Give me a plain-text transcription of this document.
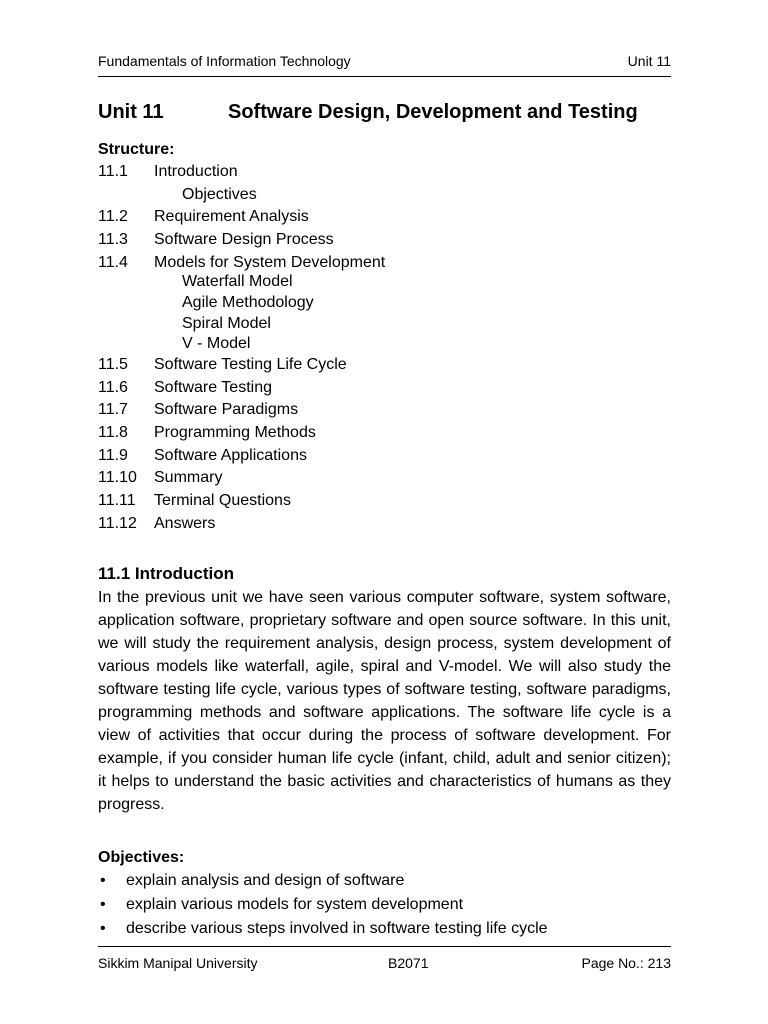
Fundamentals of Information Technology	Unit 11
Unit 11	Software Design, Development and Testing
Structure:
11.1 Introduction
Objectives
11.2 Requirement Analysis
11.3 Software Design Process
11.4 Models for System Development
Waterfall Model
Agile Methodology
Spiral Model
V - Model
11.5 Software Testing Life Cycle
11.6 Software Testing
11.7 Software Paradigms
11.8 Programming Methods
11.9 Software Applications
11.10 Summary
11.11 Terminal Questions
11.12 Answers
11.1 Introduction

In the previous unit we have seen various computer software, system software, application software, proprietary software and open source software. In this unit, we will study the requirement analysis, design process, system development of various models like waterfall, agile, spiral and V-model. We will also study the software testing life cycle, various types of software testing, software paradigms, programming methods and software applications. The software life cycle is a view of activities that occur during the process of software development. For example, if you consider human life cycle (infant, child, adult and senior citizen); it helps to understand the basic activities and characteristics of humans as they progress.

Objectives:
• explain analysis and design of software
• explain various models for system development
• describe various steps involved in software testing life cycle
Sikkim Manipal University	B2071	Page No.: 213
